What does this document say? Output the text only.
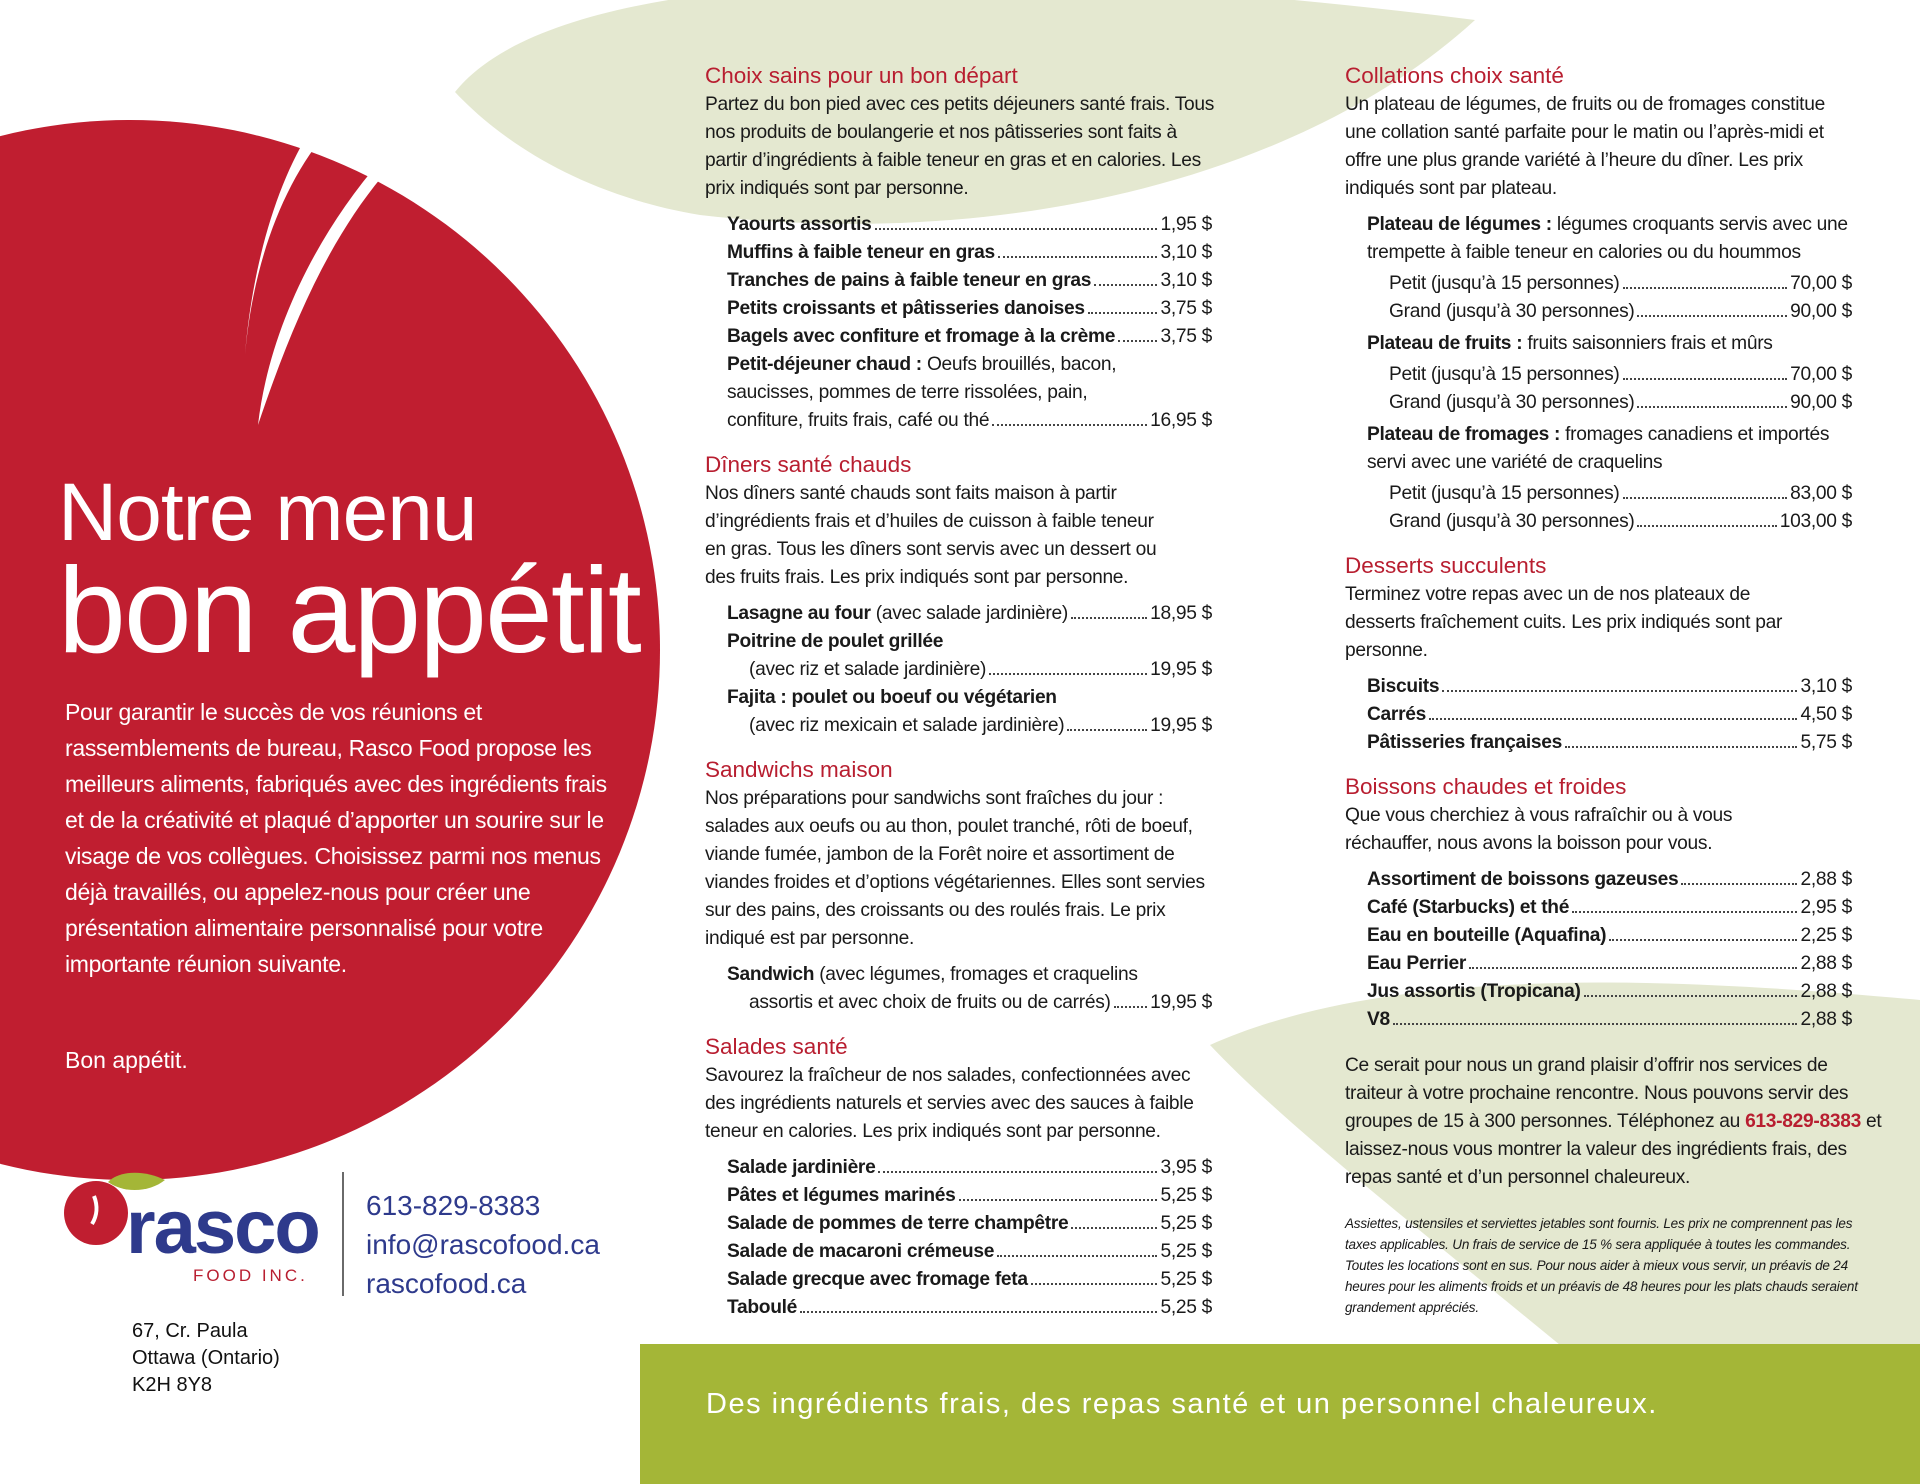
Notre menu
bon appétit
Pour garantir le succès de vos réunions et rassemblements de bureau, Rasco Food propose les meilleurs aliments, fabriqués avec des ingrédients frais et de la créativité et plaqué d’apporter un sourire sur le visage de vos collègues. Choisissez parmi nos menus déjà travaillés, ou appelez-nous pour créer une présentation alimentaire personnalisé pour votre importante réunion suivante.
Bon appétit.
rasco
FOOD INC.
613-829-8383
info@rascofood.ca
rascofood.ca
67, Cr. Paula
Ottawa (Ontario)
K2H 8Y8
Choix sains pour un bon départ

Partez du bon pied avec ces petits déjeuners santé frais. Tous nos produits de boulangerie et nos pâtisseries sont faits à partir d’ingrédients à faible teneur en gras et en calories. Les prix indiqués sont par personne.

Yaourts assortis	1,95 $
Muffins à faible teneur en gras	3,10 $
Tranches de pains à faible teneur en gras	3,10 $
Petits croissants et pâtisseries danoises	3,75 $
Bagels avec confiture et fromage à la crème 3,75 $
Petit-déjeuner chaud : Oeufs brouillés, bacon,
saucisses, pommes de terre rissolées, pain,
confiture, fruits frais, café ou thé	16,95 $
Dîners santé chauds

Nos dîners santé chauds sont faits maison à partir d’ingrédients frais et d’huiles de cuisson à faible teneur en gras. Tous les dîners sont servis avec un dessert ou des fruits frais. Les prix indiqués sont par personne.

Lasagne au four
(avec salade jardinière)	18,95 $
Poitrine de poulet grillée
(avec riz et salade jardinière)	19,95 $
Fajita : poulet ou boeuf ou végétarien
(avec riz mexicain et salade jardinière)	19,95 $
Sandwichs maison

Nos préparations pour sandwichs sont fraîches du jour : salades aux oeufs ou au thon, poulet tranché, rôti de boeuf, viande fumée, jambon de la Forêt noire et assortiment de viandes froides et d’options végétariennes. Elles sont servies sur des pains, des croissants ou des roulés frais. Le prix indiqué est par personne.

Sandwich (avec légumes, fromages et craquelins
assortis et avec choix de fruits ou de carrés) 19,95 $
Salades santé

Savourez la fraîcheur de nos salades, confectionnées avec des ingrédients naturels et servies avec des sauces à faible teneur en calories. Les prix indiqués sont par personne.

Salade jardinière	3,95 $
Pâtes et légumes marinés	5,25 $
Salade de pommes de terre champêtre	5,25 $
Salade de macaroni crémeuse	5,25 $
Salade grecque avec fromage feta	5,25 $
Taboulé	5,25 $
Collations choix santé

Un plateau de légumes, de fruits ou de fromages constitue une collation santé parfaite pour le matin ou l’après-midi et offre une plus grande variété à l’heure du dîner. Les prix indiqués sont par plateau.

Plateau de légumes : légumes croquants servis avec une trempette à faible teneur en calories ou du hoummos
Petit (jusqu’à 15 personnes)	70,00 $
Grand (jusqu’à 30 personnes)	90,00 $
Plateau de fruits : fruits saisonniers frais et mûrs
Petit (jusqu’à 15 personnes)	70,00 $
Grand (jusqu’à 30 personnes)	90,00 $
Plateau de fromages : fromages canadiens et importés servi avec une variété de craquelins
Petit (jusqu’à 15 personnes)	83,00 $
Grand (jusqu’à 30 personnes)	103,00 $
Desserts succulents

Terminez votre repas avec un de nos plateaux de desserts fraîchement cuits. Les prix indiqués sont par personne.

Biscuits	3,10 $
Carrés	4,50 $
Pâtisseries françaises	5,75 $
Boissons chaudes et froides

Que vous cherchiez à vous rafraîchir ou à vous réchauffer, nous avons la boisson pour vous.

Assortiment de boissons gazeuses	2,88 $
Café (Starbucks) et thé	2,95 $
Eau en bouteille (Aquafina)	2,25 $
Eau Perrier	2,88 $
Jus assortis (Tropicana)	2,88 $
V8	2,88 $
Ce serait pour nous un grand plaisir d’offrir nos services de traiteur à votre prochaine rencontre. Nous pouvons servir des groupes de 15 à 300 personnes. Téléphonez au 613-829-8383 et laissez-nous vous montrer la valeur des ingrédients frais, des repas santé et d’un personnel chaleureux.
Assiettes, ustensiles et serviettes jetables sont fournis. Les prix ne comprennent pas les taxes applicables. Un frais de service de 15 % sera appliquée à toutes les commandes. Toutes les locations sont en sus. Pour nous aider à mieux vous servir, un préavis de 24 heures pour les aliments froids et un préavis de 48 heures pour les plats chauds seraient grandement appréciés.
Des ingrédients frais, des repas santé et un personnel chaleureux.
